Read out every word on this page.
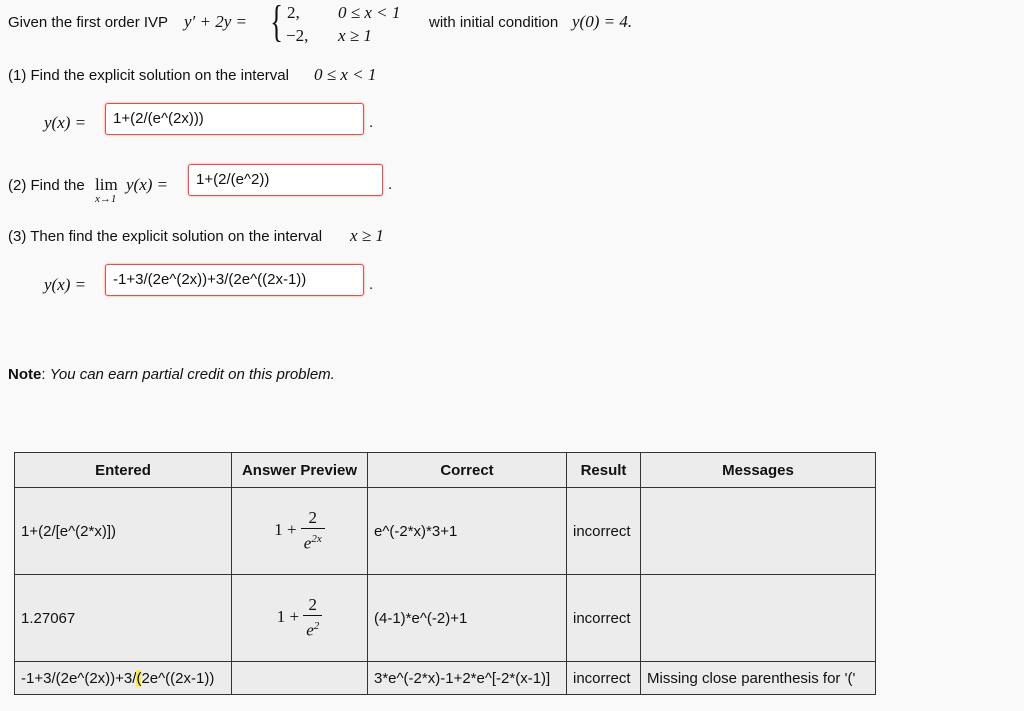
Given the first order IVP y′ + 2y = { 2, 0 ≤ x < 1
−2, x ≥ 1
with initial condition y(0) = 4.
(1) Find the explicit solution on the interval 0 ≤ x < 1
y(x) =	1+(2/(e^(2x)))	.
(2) Find the lim
x→1
y(x) =	1+(2/(e^2))	.
(3) Then find the explicit solution on the interval x ≥ 1
y(x) =	-1+3/(2e^(2x))+3/(2e^((2x-1))	.
Note: You can earn partial credit on this problem.
Entered	Answer Preview	Correct	Result	Messages
1+(2/[e^(2*x)])	$1 + \frac{2}{e^{2x}}$	e^(-2*x)*3+1	incorrect	
1.27067	$1 + \frac{2}{e^2}$	(4-1)*e^(-2)+1	incorrect	
-1+3/(2e^(2x))+3/(2e^((2x-1))		3*e^(-2*x)-1+2*e^[-2*(x-1)]	incorrect	Missing close parenthesis for '('
